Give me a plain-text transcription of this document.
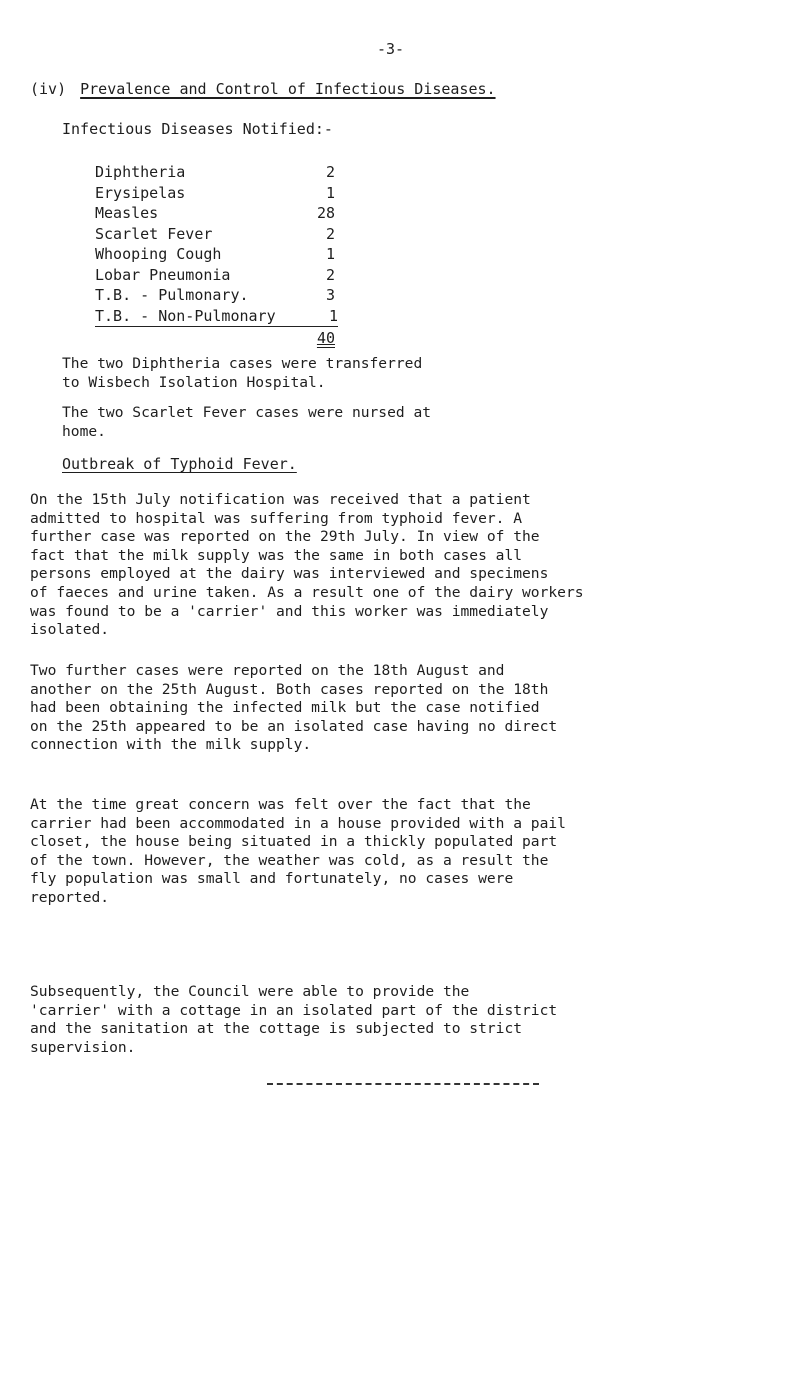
-3-
(iv) Prevalence and Control of Infectious Diseases.
Infectious Diseases Notified:-
Diphtheria	2
Erysipelas	1
Measles	28
Scarlet Fever	2
Whooping Cough	1
Lobar Pneumonia	2
T.B. - Pulmonary.	3
T.B. - Non-Pulmonary	1
40

The two Diphtheria cases were transferred
to Wisbech Isolation Hospital.

The two Scarlet Fever cases were nursed at
home.

Outbreak of Typhoid Fever.

On the 15th July notification was received that a patient
admitted to hospital was suffering from typhoid fever. A
further case was reported on the 29th July. In view of the
fact that the milk supply was the same in both cases all
persons employed at the dairy was interviewed and specimens
of faeces and urine taken. As a result one of the dairy workers
was found to be a 'carrier' and this worker was immediately
isolated.

Two further cases were reported on the 18th August and
another on the 25th August. Both cases reported on the 18th
had been obtaining the infected milk but the case notified
on the 25th appeared to be an isolated case having no direct
connection with the milk supply.

At the time great concern was felt over the fact that the
carrier had been accommodated in a house provided with a pail
closet, the house being situated in a thickly populated part
of the town. However, the weather was cold, as a result the
fly population was small and fortunately, no cases were
reported.

Subsequently, the Council were able to provide the
'carrier' with a cottage in an isolated part of the district
and the sanitation at the cottage is subjected to strict
supervision.
